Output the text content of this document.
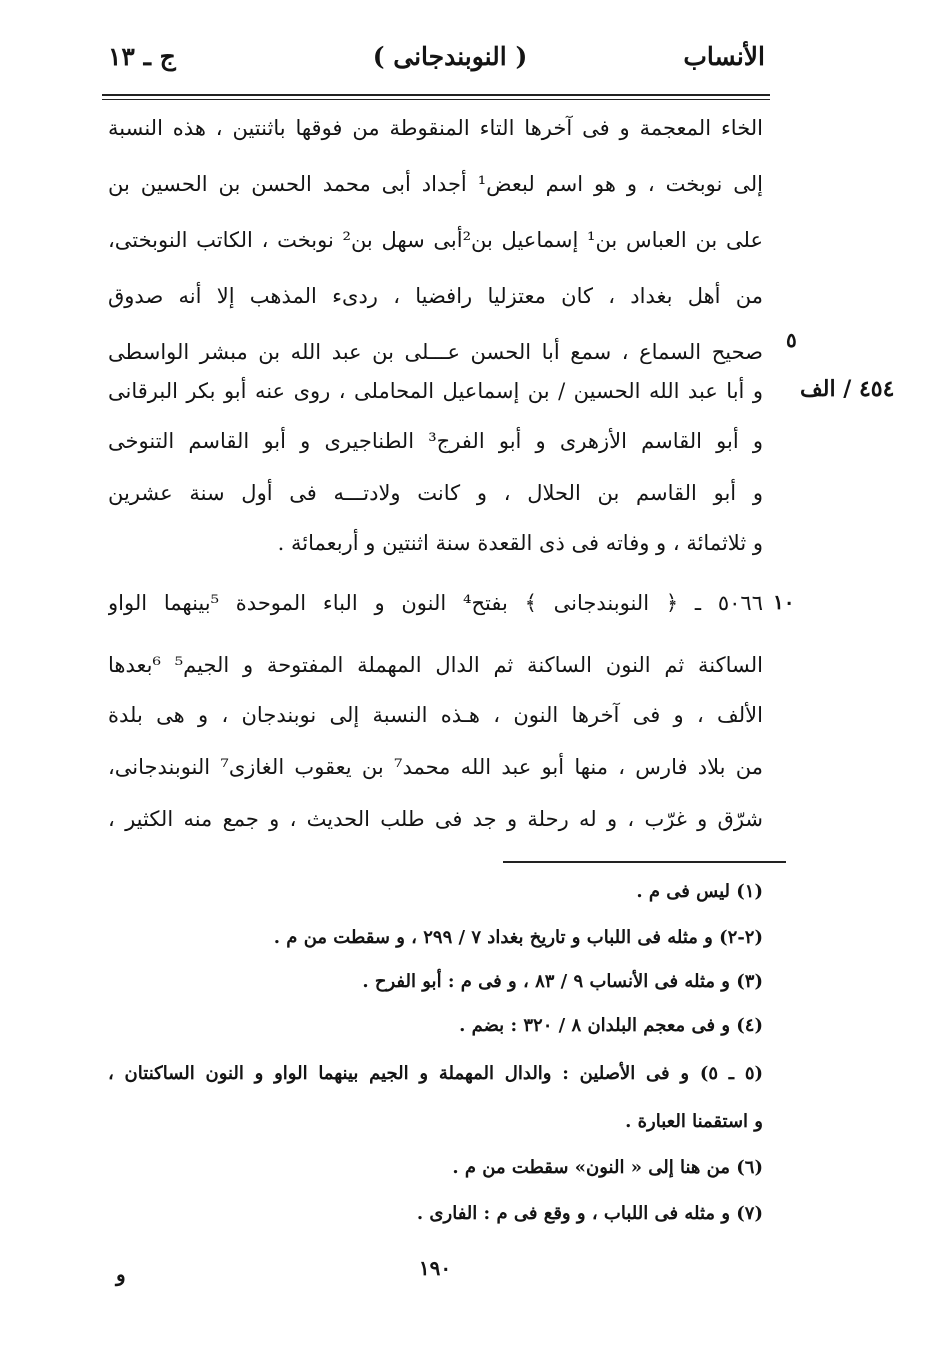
الأنساب
( النوبندجانى )
ج ـ ١٣
الخاء المعجمة و فى آخرها التاء المنقوطة من فوقها باثنتين ، هذه النسبة
إلى نوبخت ، و هو اسم لبعض¹ أجداد أبى محمد الحسن بن الحسين بن
على بن العباس بن¹ إسماعيل بن²أبى سهل بن² نوبخت ، الكاتب النوبختى،
من أهل بغداد ، كان معتزليا رافضيا ، ردىء المذهب إلا أنه صدوق
صحيح السماع ، سمع أبا الحسن عـــلى بن عبد الله بن مبشر الواسطى
و أبا عبد الله الحسين / بن إسماعيل المحاملى ، روى عنه أبو بكر البرقانى
و أبو القاسم الأزهرى و أبو الفرج³ الطناجيرى و أبو القاسم التنوخى
و أبو القاسم بن الحلال ، و كانت ولادتـــه فى أول سنة عشرين
و ثلاثمائة ، و وفاته فى ذى القعدة سنة اثنتين و أربعمائة .
٥٠٦٦ ـ ﴿ النوبندجانى ﴾ بفتح⁴ النون و الباء الموحدة ⁵بينهما الواو
الساكنة ثم النون الساكنة ثم الدال المهملة المفتوحة و الجيم⁵ ⁶بعدها
الألف ، و فى آخرها النون ، هـذه النسبة إلى نوبندجان ، و هى بلدة
من بلاد فارس ، منها أبو عبد الله محمد⁷ بن يعقوب الغازى⁷ النوبندجانى،
شرّق و غرّب ، و له رحلة و جد فى طلب الحديث ، و جمع منه الكثير ،
٥
١٠
٤٥٤ / الف
(١) ليس فى م .
(٢-٢) و مثله فى اللباب و تاريخ بغداد ٧ / ٢٩٩ ، و سقطت من م .
(٣) و مثله فى الأنساب ٩ / ٨٣ ، و فى م : أبو الفرح .
(٤) و فى معجم البلدان ٨ / ٣٢٠ : بضم .
(٥ ـ ٥) و فى الأصلين : والدال المهملة و الجيم بينهما الواو و النون الساكنتان ،
و استقمنا العبارة .
(٦) من هنا إلى « النون» سقطت من م .
(٧) و مثله فى اللباب ، و وقع فى م : الفارى .
١٩٠
و
